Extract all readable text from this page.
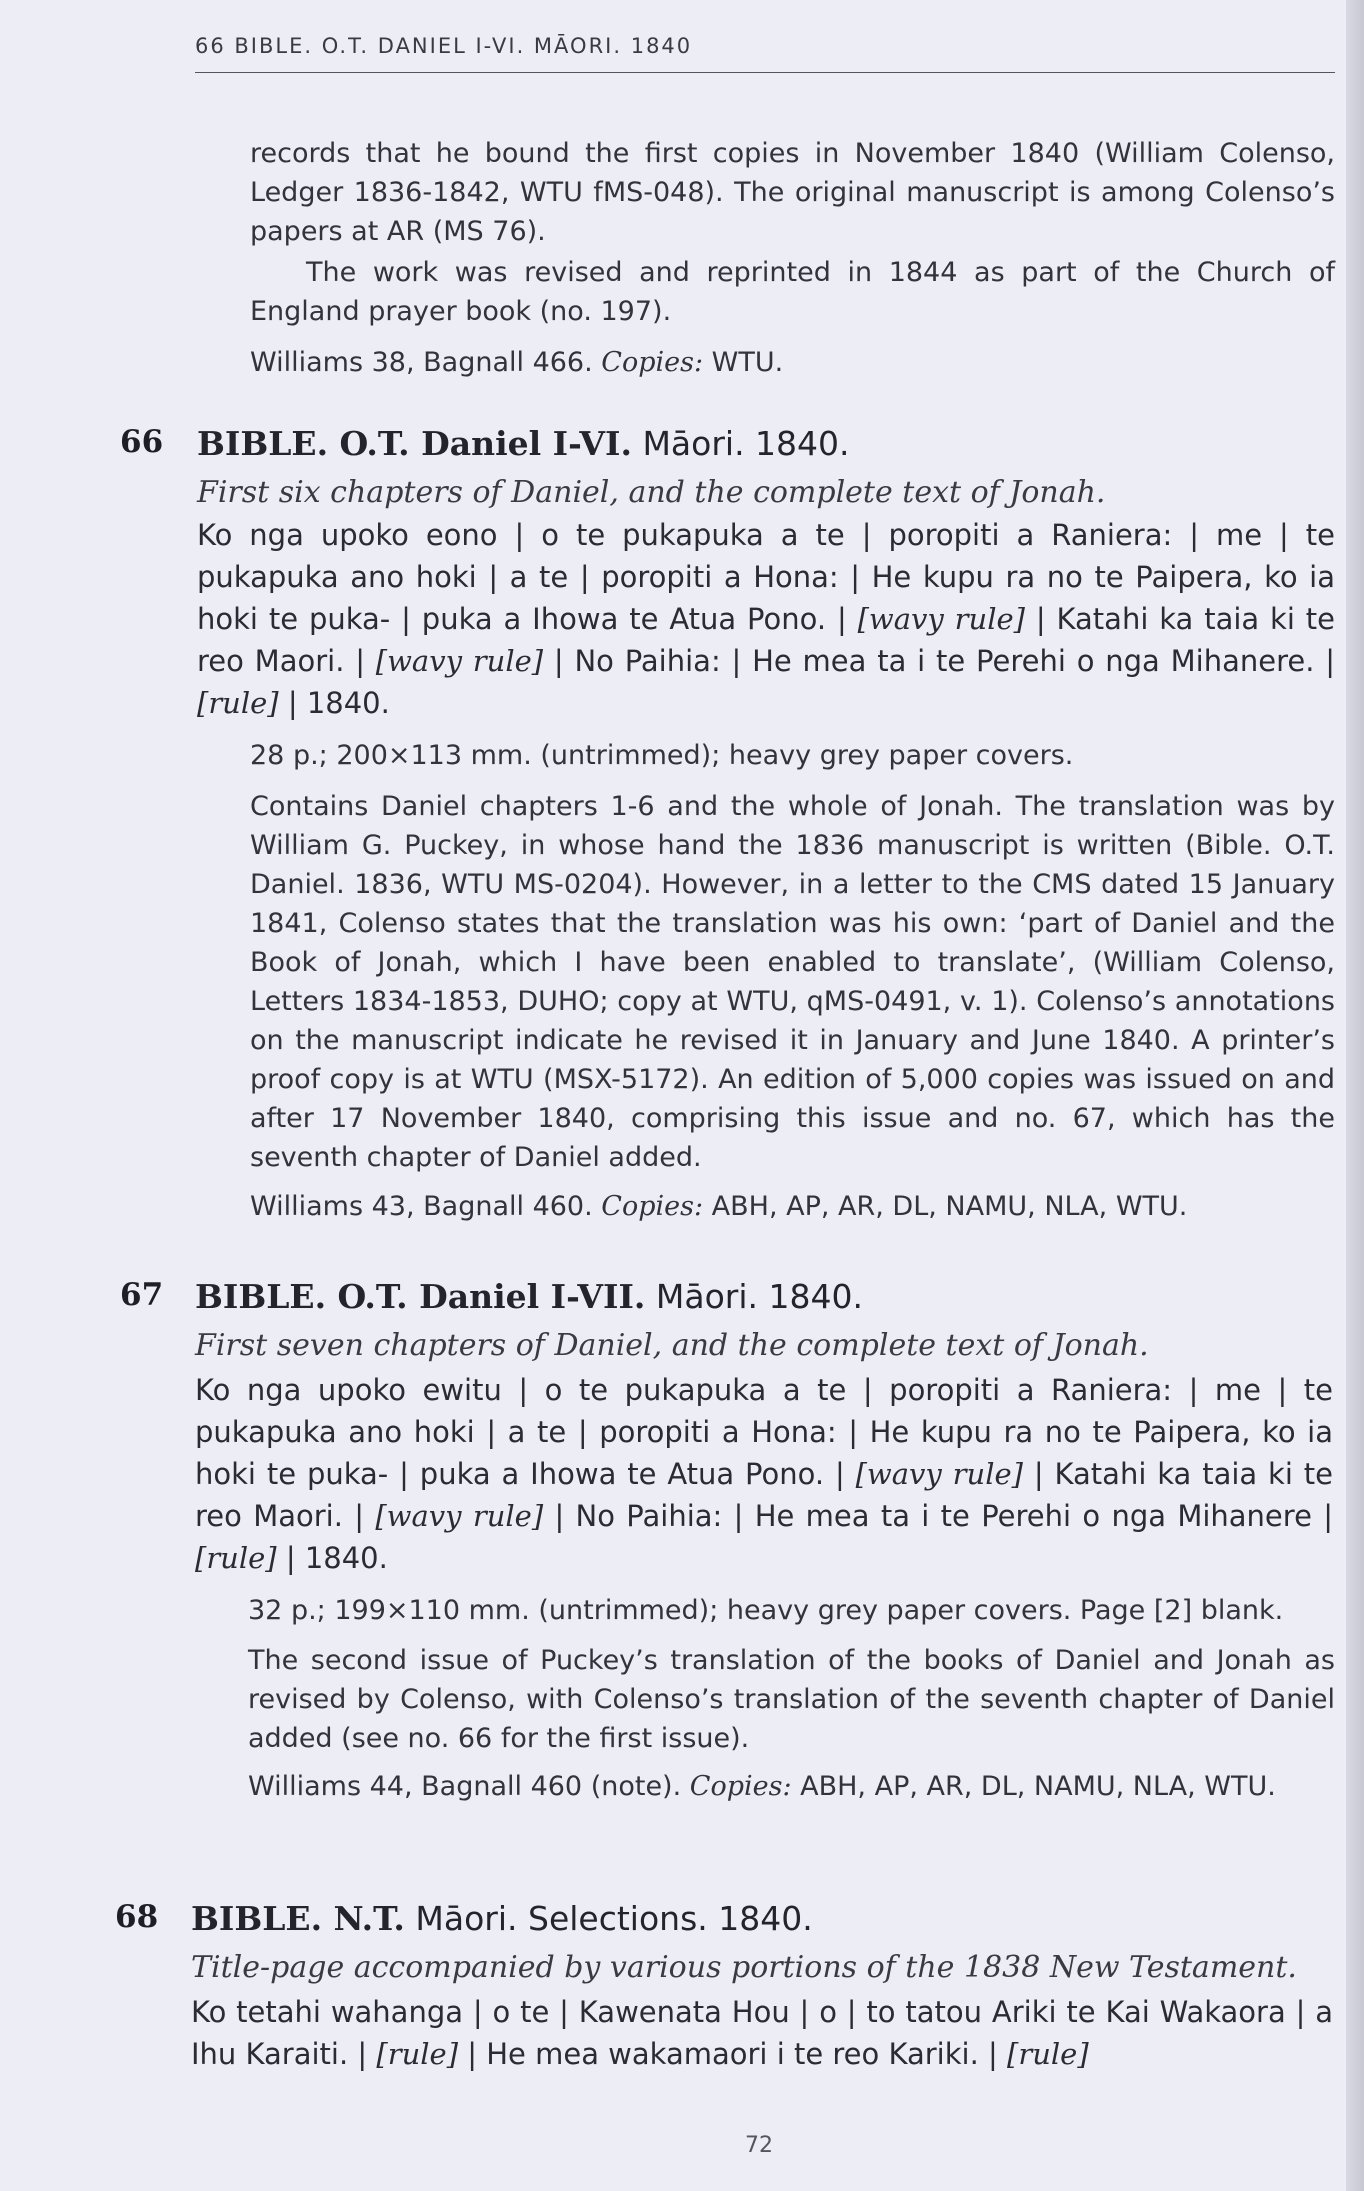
66 BIBLE. O.T. DANIEL I-VI. MĀORI. 1840
records that he bound the first copies in November 1840 (William Colenso, Ledger 1836-1842, WTU fMS-048). The original manuscript is among Colenso’s papers at AR (MS 76).
The work was revised and reprinted in 1844 as part of the Church of England prayer book (no. 197).
Williams 38, Bagnall 466. Copies: WTU.
66 BIBLE. O.T. Daniel I-VI. Māori. 1840.
First six chapters of Daniel, and the complete text of Jonah.
Ko nga upoko eono | o te pukapuka a te | poropiti a Raniera: | me | te pukapuka ano hoki | a te | poropiti a Hona: | He kupu ra no te Paipera, ko ia hoki te puka- | puka a Ihowa te Atua Pono. | [wavy rule] | Katahi ka taia ki te reo Maori. | [wavy rule] | No Paihia: | He mea ta i te Perehi o nga Mihanere. | [rule] | 1840.
28 p.; 200×113 mm. (untrimmed); heavy grey paper covers.
Contains Daniel chapters 1-6 and the whole of Jonah. The translation was by William G. Puckey, in whose hand the 1836 manuscript is written (Bible. O.T. Daniel. 1836, WTU MS-0204). However, in a letter to the CMS dated 15 January 1841, Colenso states that the translation was his own: ‘part of Daniel and the Book of Jonah, which I have been enabled to translate’, (William Colenso, Letters 1834-1853, DUHO; copy at WTU, qMS-0491, v. 1). Colenso’s annotations on the manuscript indicate he revised it in January and June 1840. A printer’s proof copy is at WTU (MSX-5172). An edition of 5,000 copies was issued on and after 17 November 1840, comprising this issue and no. 67, which has the seventh chapter of Daniel added.
Williams 43, Bagnall 460. Copies: ABH, AP, AR, DL, NAMU, NLA, WTU.
67 BIBLE. O.T. Daniel I-VII. Māori. 1840.
First seven chapters of Daniel, and the complete text of Jonah.
Ko nga upoko ewitu | o te pukapuka a te | poropiti a Raniera: | me | te pukapuka ano hoki | a te | poropiti a Hona: | He kupu ra no te Paipera, ko ia hoki te puka- | puka a Ihowa te Atua Pono. | [wavy rule] | Katahi ka taia ki te reo Maori. | [wavy rule] | No Paihia: | He mea ta i te Perehi o nga Mihanere | [rule] | 1840.
32 p.; 199×110 mm. (untrimmed); heavy grey paper covers. Page [2] blank.
The second issue of Puckey’s translation of the books of Daniel and Jonah as revised by Colenso, with Colenso’s translation of the seventh chapter of Daniel added (see no. 66 for the first issue).
Williams 44, Bagnall 460 (note). Copies: ABH, AP, AR, DL, NAMU, NLA, WTU.
68 BIBLE. N.T. Māori. Selections. 1840.
Title-page accompanied by various portions of the 1838 New Testament.
Ko tetahi wahanga | o te | Kawenata Hou | o | to tatou Ariki te Kai Wakaora | a Ihu Karaiti. | [rule] | He mea wakamaori i te reo Kariki. | [rule]
72
